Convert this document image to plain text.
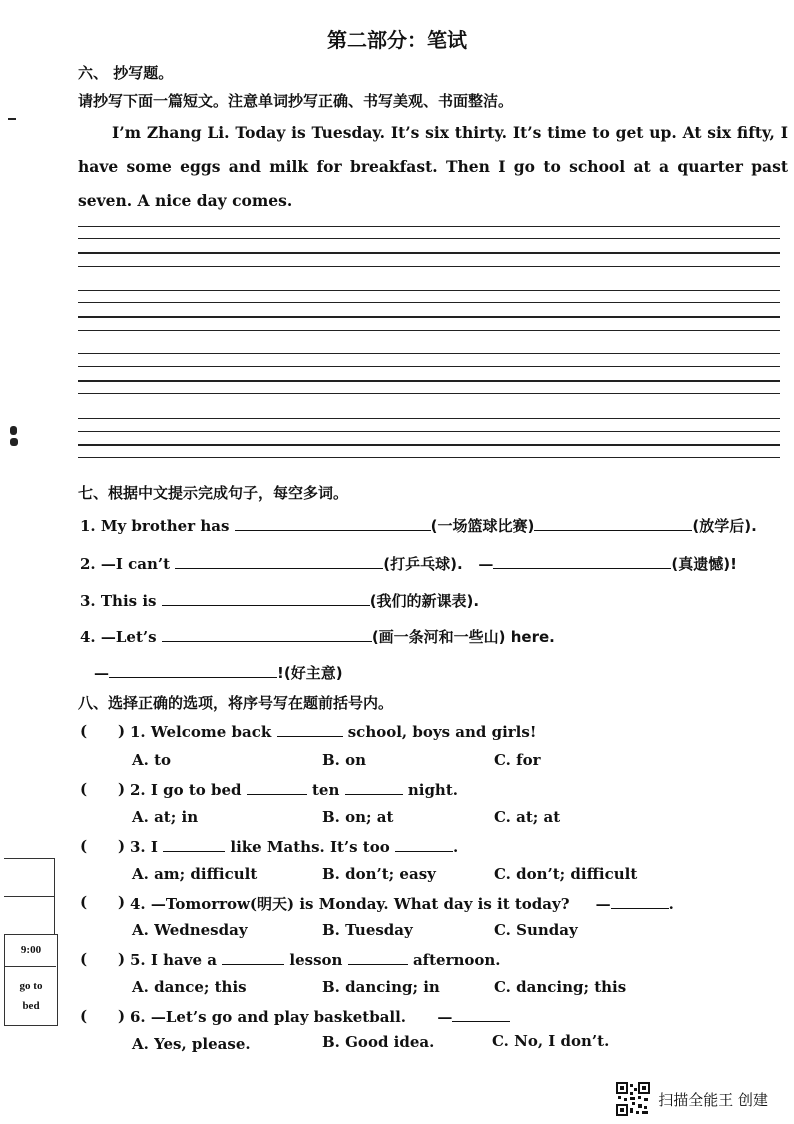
第二部分：笔试
六、 抄写题。
请抄写下面一篇短文。注意单词抄写正确、书写美观、书面整洁。

I’m Zhang Li. Today is Tuesday. It’s six thirty. It’s time to get up. At six fifty, I have some eggs and milk for breakfast. Then I go to school at a quarter past seven. A nice day comes.

七、根据中文提示完成句子，每空多词。
1. My brother has	(一场篮球比赛)	(放学后).
2. —I can’t	(打乒乓球). —	(真遗憾)!
3. This is	(我们的新课表).
4. —Let’s	(画一条河和一些山) here.
—	!(好主意)
八、选择正确的选项，将序号写在题前括号内。
( ) 1. Welcome back	school, boys and girls!
A. to	B. on	C. for
( ) 2. I go to bed	ten	night.
A. at; in	B. on; at	C. at; at
( ) 3. I	like Maths. It’s too	.
A. am; difficult	B. don’t; easy	C. don’t; difficult
( ) 4. —Tomorrow(明天) is Monday. What day is it today? —	.
A. Wednesday	B. Tuesday	C. Sunday
( ) 5. I have a	lesson	afternoon.
A. dance; this	B. dancing; in	C. dancing; this
( ) 6. —Let’s go and play basketball. —
A. Yes, please.	B. Good idea.	C. No, I don’t.
9:00
go to
bed
扫描全能王 创建
